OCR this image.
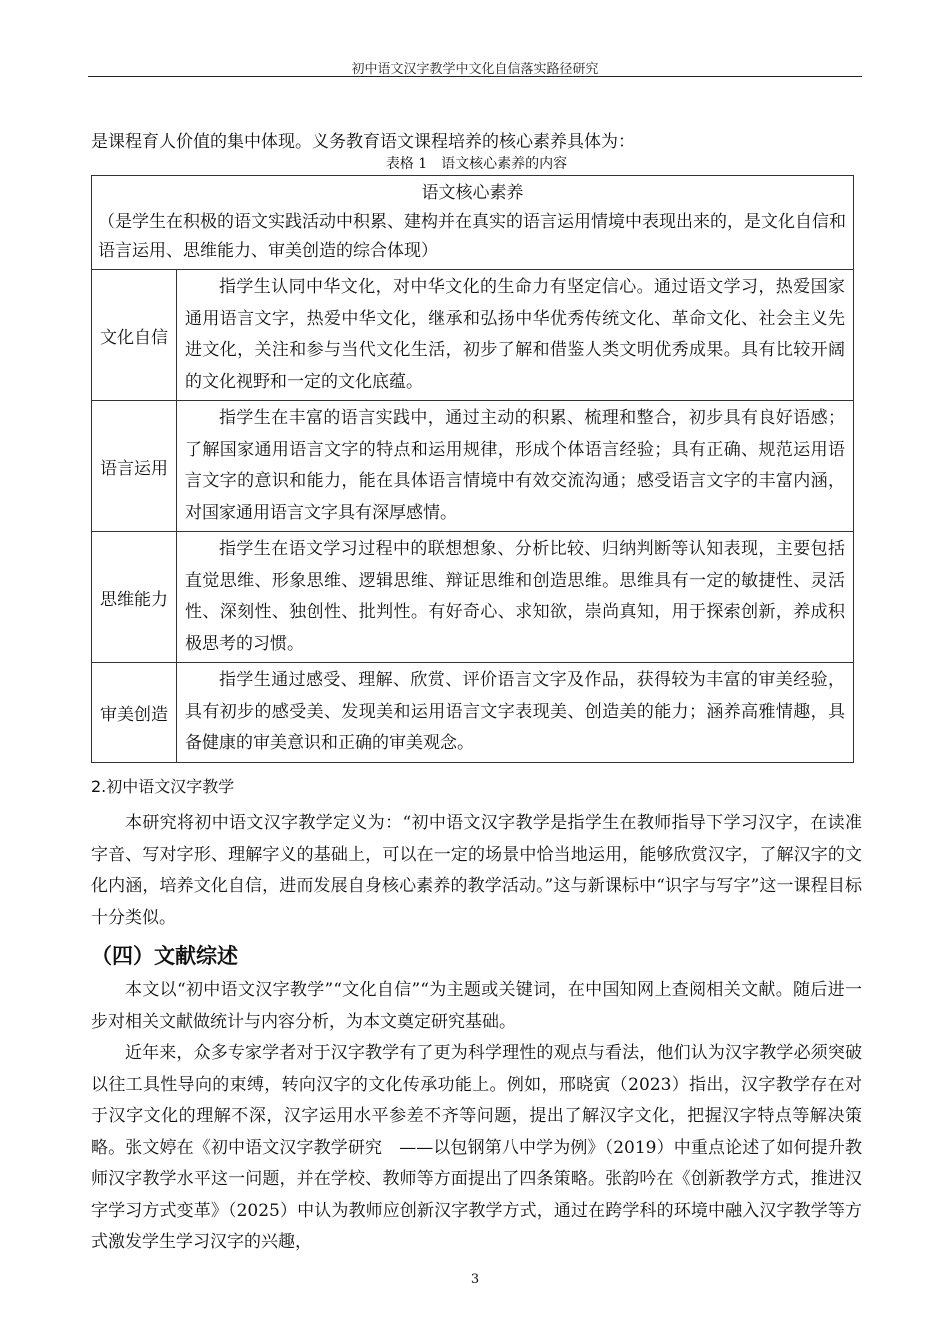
初中语文汉字教学中文化自信落实路径研究
是课程育人价值的集中体现。义务教育语文课程培养的核心素养具体为：
表格 1　语文核心素养的内容
语文核心素养
（是学生在积极的语文实践活动中积累、建构并在真实的语言运用情境中表现出来的，是文化自信和语言运用、思维能力、审美创造的综合体现）	

文化自信	指学生认同中华文化，对中华文化的生命力有坚定信心。通过语文学习，热爱国家通用语言文字，热爱中华文化，继承和弘扬中华优秀传统文化、革命文化、社会主义先进文化，关注和参与当代文化生活，初步了解和借鉴人类文明优秀成果。具有比较开阔的文化视野和一定的文化底蕴。
语言运用	指学生在丰富的语言实践中，通过主动的积累、梳理和整合，初步具有良好语感；了解国家通用语言文字的特点和运用规律，形成个体语言经验；具有正确、规范运用语言文字的意识和能力，能在具体语言情境中有效交流沟通；感受语言文字的丰富内涵，对国家通用语言文字具有深厚感情。
思维能力	指学生在语文学习过程中的联想想象、分析比较、归纳判断等认知表现，主要包括直觉思维、形象思维、逻辑思维、辩证思维和创造思维。思维具有一定的敏捷性、灵活性、深刻性、独创性、批判性。有好奇心、求知欲，崇尚真知，用于探索创新，养成积极思考的习惯。
审美创造	指学生通过感受、理解、欣赏、评价语言文字及作品，获得较为丰富的审美经验，具有初步的感受美、发现美和运用语言文字表现美、创造美的能力；涵养高雅情趣，具备健康的审美意识和正确的审美观念。
2.初中语文汉字教学
本研究将初中语文汉字教学定义为：“初中语文汉字教学是指学生在教师指导下学习汉字，在读准字音、写对字形、理解字义的基础上，可以在一定的场景中恰当地运用，能够欣赏汉字，了解汉字的文化内涵，培养文化自信，进而发展自身核心素养的教学活动。”这与新课标中“识字与写字”这一课程目标十分类似。
（四）文献综述
本文以“初中语文汉字教学”“文化自信”“为主题或关键词，在中国知网上查阅相关文献。随后进一步对相关文献做统计与内容分析，为本文奠定研究基础。
近年来，众多专家学者对于汉字教学有了更为科学理性的观点与看法，他们认为汉字教学必须突破以往工具性导向的束缚，转向汉字的文化传承功能上。例如，邢晓寅（2023）指出，汉字教学存在对于汉字文化的理解不深，汉字运用水平参差不齐等问题，提出了解汉字文化，把握汉字特点等解决策略。张文婷在《初中语文汉字教学研究　——以包钢第八中学为例》（2019）中重点论述了如何提升教师汉字教学水平这一问题，并在学校、教师等方面提出了四条策略。张韵吟在《创新教学方式，推进汉字学习方式变革》（2025）中认为教师应创新汉字教学方式，通过在跨学科的环境中融入汉字教学等方式激发学生学习汉字的兴趣，
3
